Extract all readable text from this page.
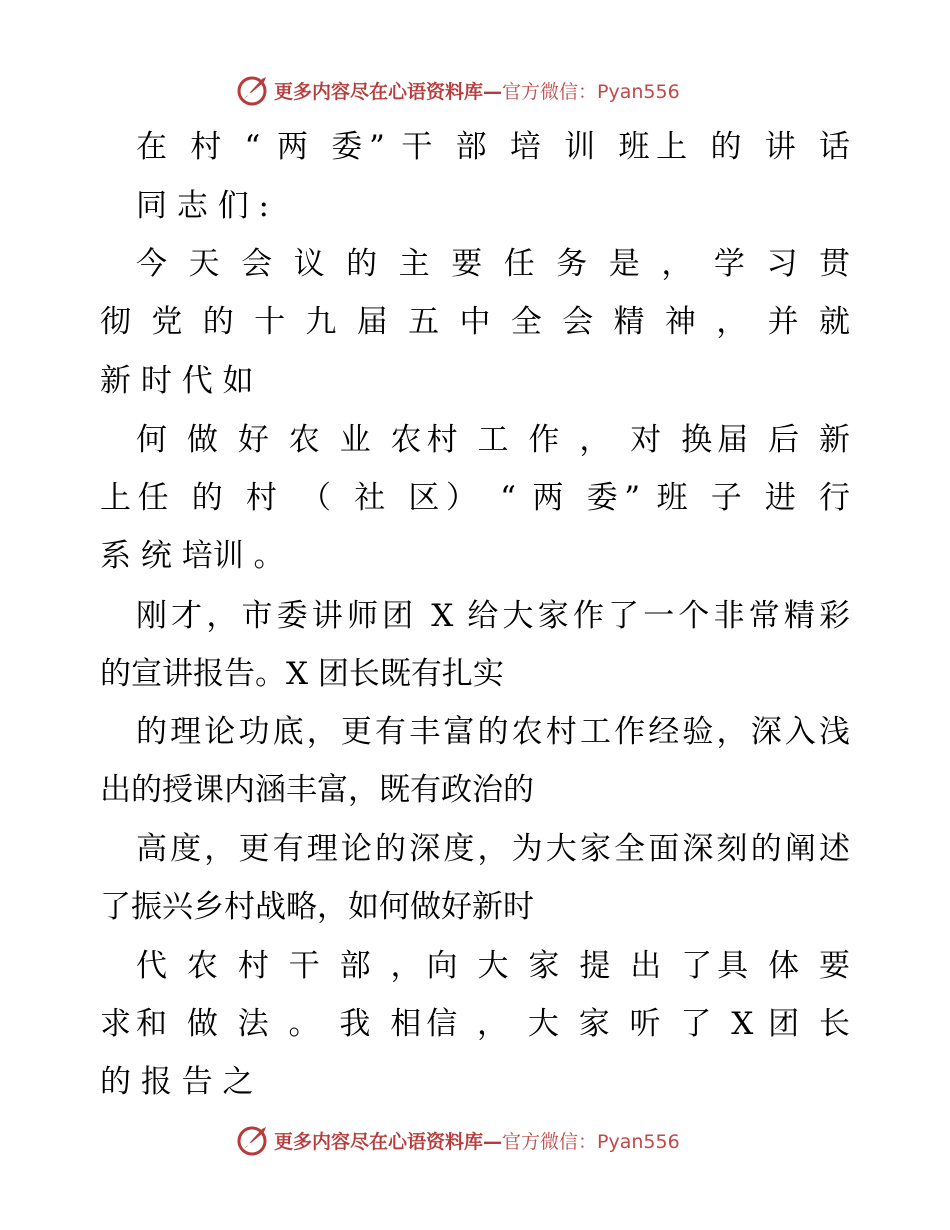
更多内容尽在心语资料库—官方微信：Pyan556
在 村 “ 两 委” 干 部 培 训 班上 的 讲 话
同 志 们 :
今 天 会 议 的 主 要 任 务 是 ， 学 习 贯
彻 党 的 十 九 届 五 中 全 会 精 神 ， 并 就
新 时 代 如
何 做 好 农 业 农村 工 作 ， 对 换届 后 新
上任 的 村 （ 社 区） “ 两 委” 班 子 进 行
系 统 培训 。
刚才，市委讲师团 X 给大家作了一个非常精彩
的宣讲报告。X 团长既有扎实
的理论功底，更有丰富的农村工作经验，深入浅
出的授课内涵丰富，既有政治的
高度，更有理论的深度，为大家全面深刻的阐述
了振兴乡村战略，如何做好新时
代 农 村 干 部 ，向 大 家 提 出 了具 体 要
求和 做 法 。 我 相信 ， 大 家 听 了 X 团 长
的 报 告 之
更多内容尽在心语资料库—官方微信：Pyan556
